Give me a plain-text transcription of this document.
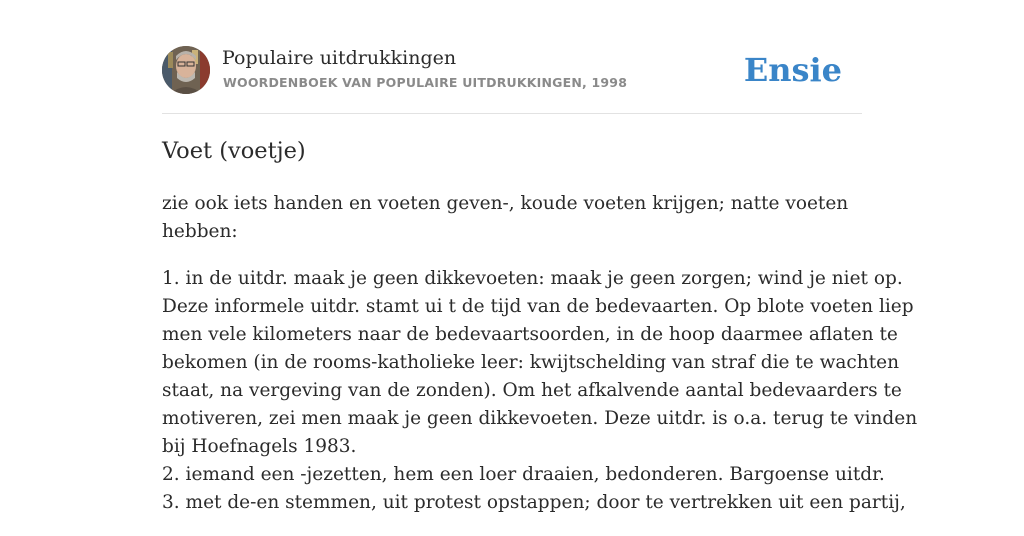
Populaire uitdrukkingen
WOORDENBOEK VAN POPULAIRE UITDRUKKINGEN, 1998	Ensie
Voet (voetje)

zie ook iets handen en voeten geven-, koude voeten krijgen; natte voeten
hebben:

1. in de uitdr. maak je geen dikkevoeten: maak je geen zorgen; wind je niet op.
Deze informele uitdr. stamt ui t de tijd van de bedevaarten. Op blote voeten liep
men vele kilometers naar de bedevaartsoorden, in de hoop daarmee aflaten te
bekomen (in de rooms-katholieke leer: kwijtschelding van straf die te wachten
staat, na vergeving van de zonden). Om het afkalvende aantal bedevaarders te
motiveren, zei men maak je geen dikkevoeten. Deze uitdr. is o.a. terug te vinden
bij Hoefnagels 1983.
2. iemand een -jezetten, hem een loer draaien, bedonderen. Bargoense uitdr.
3. met de-en stemmen, uit protest opstappen; door te vertrekken uit een partij,
